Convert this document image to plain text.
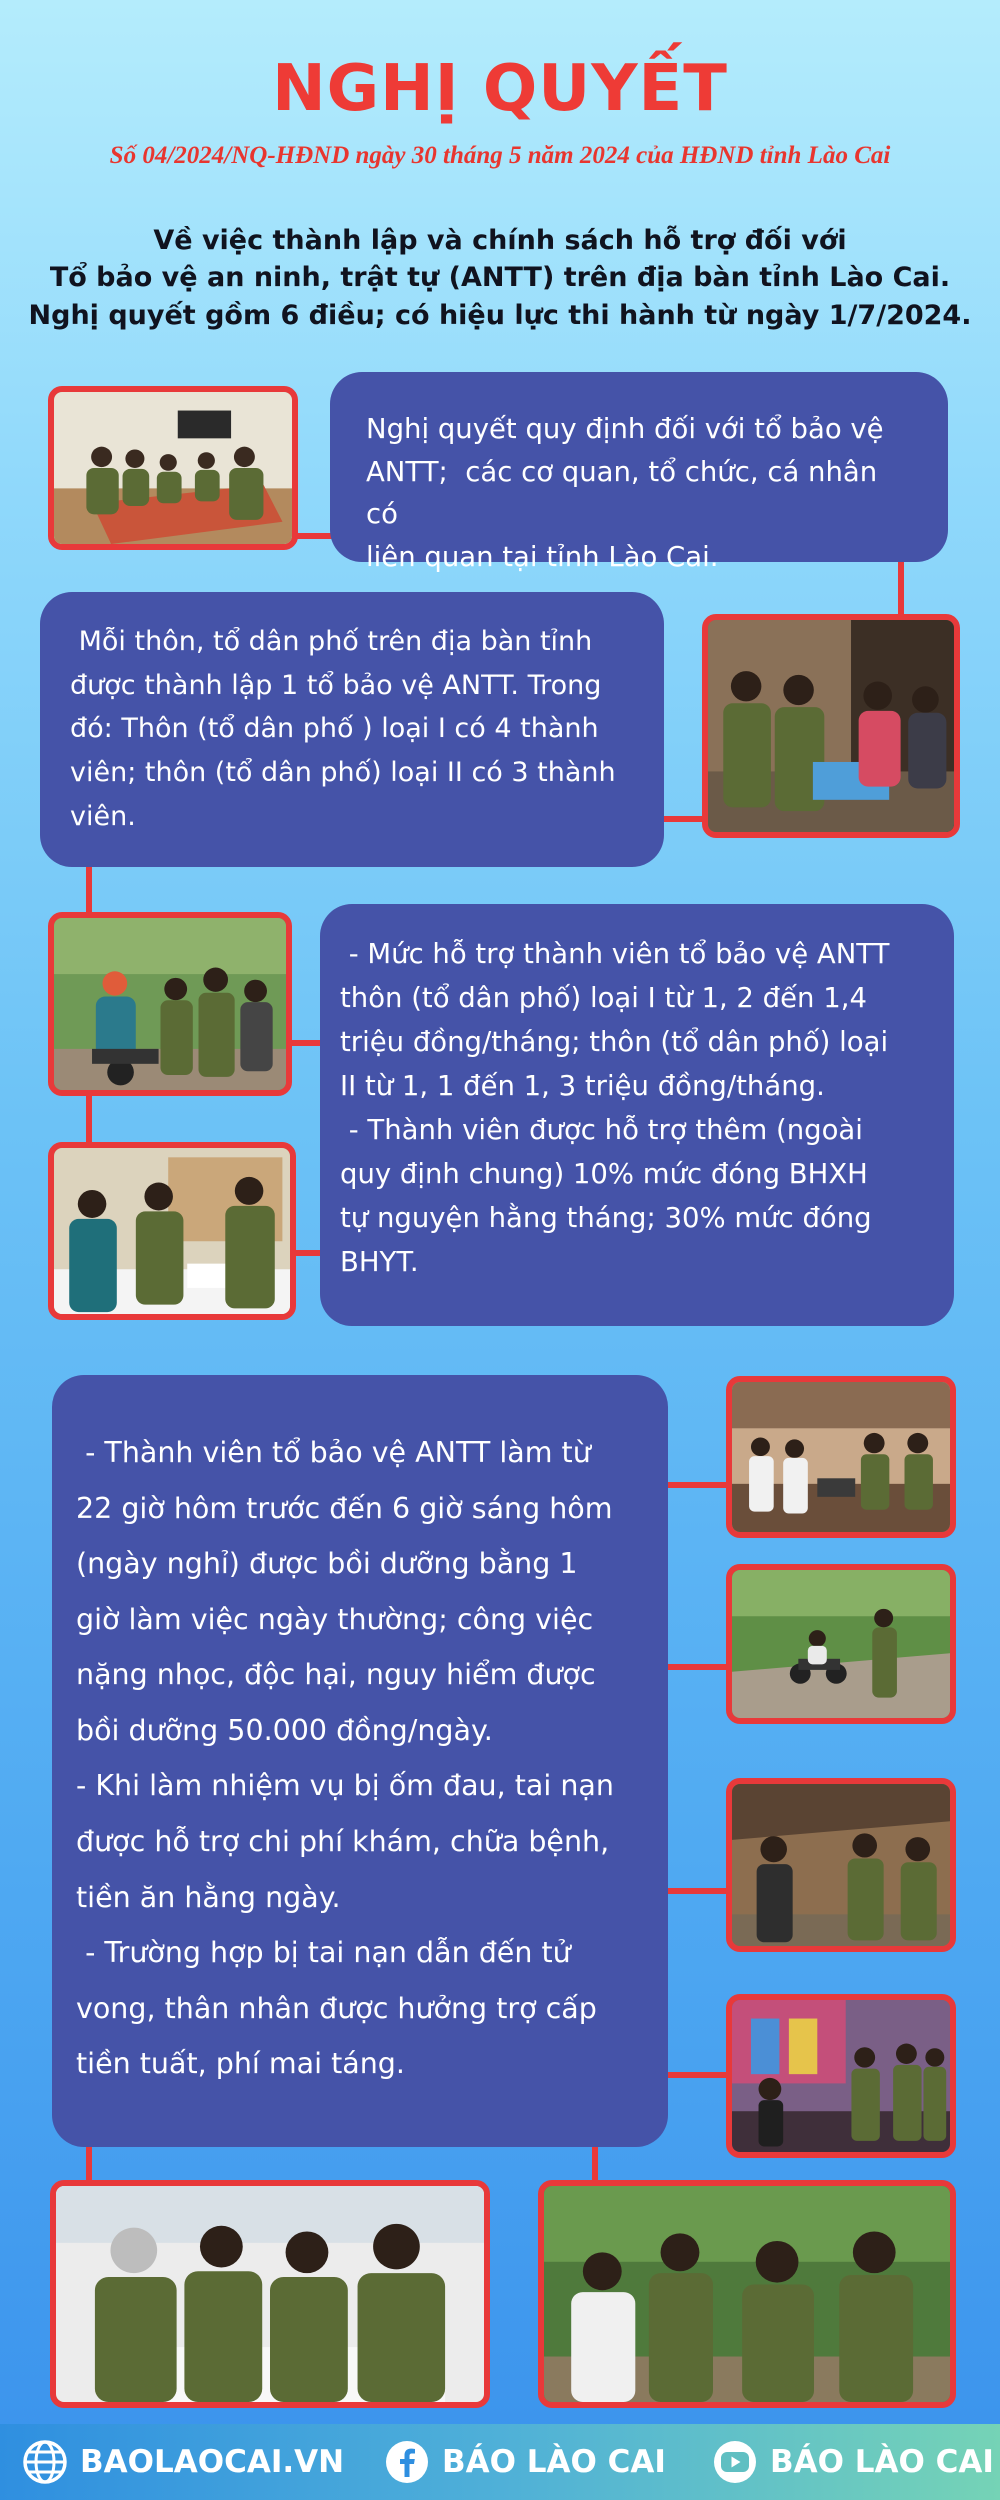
NGHỊ QUYẾT
Số 04/2024/NQ-HĐND ngày 30 tháng 5 năm 2024 của HĐND tỉnh Lào Cai
Về việc thành lập và chính sách hỗ trợ đối với
Tổ bảo vệ an ninh, trật tự (ANTT) trên địa bàn tỉnh Lào Cai.
Nghị quyết gồm 6 điều; có hiệu lực thi hành từ ngày 1/7/2024.

Nghị quyết quy định đối với tổ bảo vệ
ANTT;  các cơ quan, tổ chức, cá nhân có
liên quan tại tỉnh Lào Cai.

Mỗi thôn, tổ dân phố trên địa bàn tỉnh
được thành lập 1 tổ bảo vệ ANTT. Trong
đó: Thôn (tổ dân phố ) loại I có 4 thành
viên; thôn (tổ dân phố) loại II có 3 thành
viên.

- Mức hỗ trợ thành viên tổ bảo vệ ANTT
thôn (tổ dân phố) loại I từ 1, 2 đến 1,4
triệu đồng/tháng; thôn (tổ dân phố) loại
II từ 1, 1 đến 1, 3 triệu đồng/tháng.
- Thành viên được hỗ trợ thêm (ngoài
quy định chung) 10% mức đóng BHXH
tự nguyện hằng tháng; 30% mức đóng
BHYT.

- Thành viên tổ bảo vệ ANTT làm từ
22 giờ hôm trước đến 6 giờ sáng hôm
(ngày nghỉ) được bồi dưỡng bằng 1
giờ làm việc ngày thường; công việc
nặng nhọc, độc hại, nguy hiểm được
bồi dưỡng 50.000 đồng/ngày.
- Khi làm nhiệm vụ bị ốm đau, tai nạn
được hỗ trợ chi phí khám, chữa bệnh,
tiền ăn hằng ngày.
- Trường hợp bị tai nạn dẫn đến tử
vong, thân nhân được hưởng trợ cấp
tiền tuất, phí mai táng.

BAOLAOCAI.VN	BÁO LÀO CAI	BÁO LÀO CAI
